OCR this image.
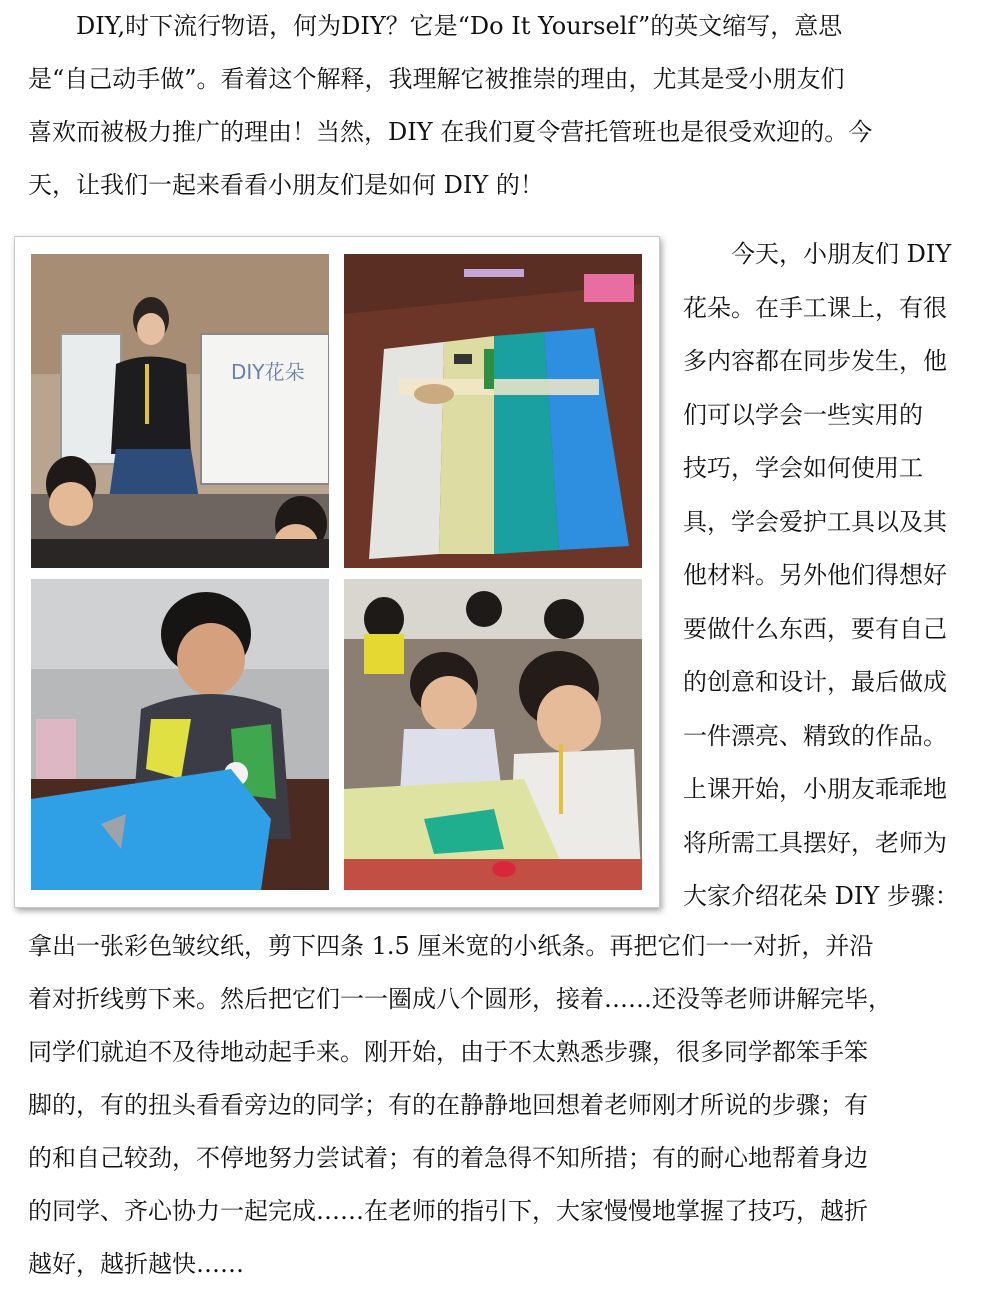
　　DIY,时下流行物语，何为DIY？它是“Do It Yourself”的英文缩写，意思
是“自己动手做”。看着这个解释，我理解它被推崇的理由，尤其是受小朋友们
喜欢而被极力推广的理由！当然，DIY 在我们夏令营托管班也是很受欢迎的。今
天，让我们一起来看看小朋友们是如何 DIY 的！
DIY花朵
　　今天，小朋友们 DIY
花朵。在手工课上，有很
多内容都在同步发生，他
们可以学会一些实用的
技巧，学会如何使用工
具，学会爱护工具以及其
他材料。另外他们得想好
要做什么东西，要有自己
的创意和设计，最后做成
一件漂亮、精致的作品。
上课开始，小朋友乖乖地
将所需工具摆好，老师为
大家介绍花朵 DIY 步骤：
拿出一张彩色皱纹纸，剪下四条 1.5 厘米宽的小纸条。再把它们一一对折，并沿
着对折线剪下来。然后把它们一一圈成八个圆形，接着……还没等老师讲解完毕，
同学们就迫不及待地动起手来。刚开始，由于不太熟悉步骤，很多同学都笨手笨
脚的，有的扭头看看旁边的同学；有的在静静地回想着老师刚才所说的步骤；有
的和自己较劲，不停地努力尝试着；有的着急得不知所措；有的耐心地帮着身边
的同学、齐心协力一起完成……在老师的指引下，大家慢慢地掌握了技巧，越折
越好，越折越快……
